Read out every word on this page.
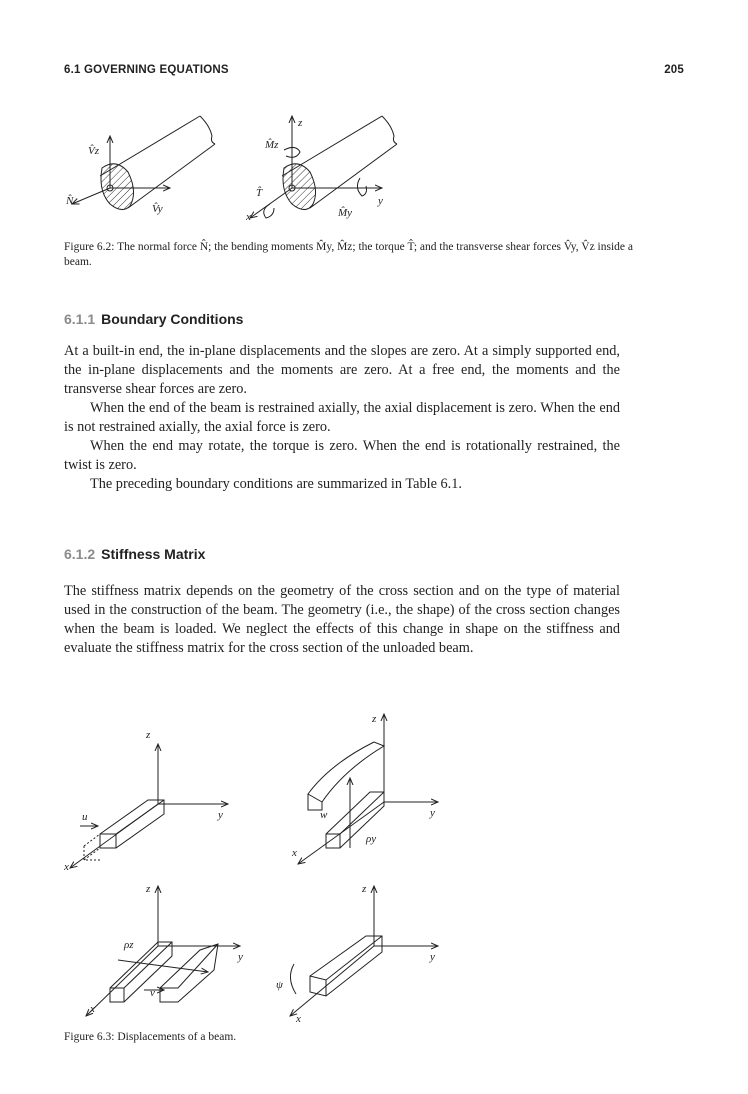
6.1 GOVERNING EQUATIONS	205
V̂z
N̂
V̂y
M̂z
z
T̂
x
y
M̂y
Figure 6.2: The normal force N̂; the bending moments M̂y, M̂z; the torque T̂; and the transverse shear forces V̂y, V̂z inside a beam.
6.1.1 Boundary Conditions

At a built-in end, the in-plane displacements and the slopes are zero. At a simply supported end, the in-plane displacements and the moments are zero. At a free end, the moments and the transverse shear forces are zero.

When the end of the beam is restrained axially, the axial displacement is zero. When the end is not restrained axially, the axial force is zero.

When the end may rotate, the torque is zero. When the end is rotationally restrained, the twist is zero.

The preceding boundary conditions are summarized in Table 6.1.

6.1.2 Stiffness Matrix

The stiffness matrix depends on the geometry of the cross section and on the type of material used in the construction of the beam. The geometry (i.e., the shape) of the cross section changes when the beam is loaded. We neglect the effects of this change in shape on the stiffness and evaluate the stiffness matrix for the cross section of the unloaded beam.

z
y
x
u
z
y
x
w
ρy
z
y
x
ρz
v
z
y
x
ψ
Figure 6.3: Displacements of a beam.
